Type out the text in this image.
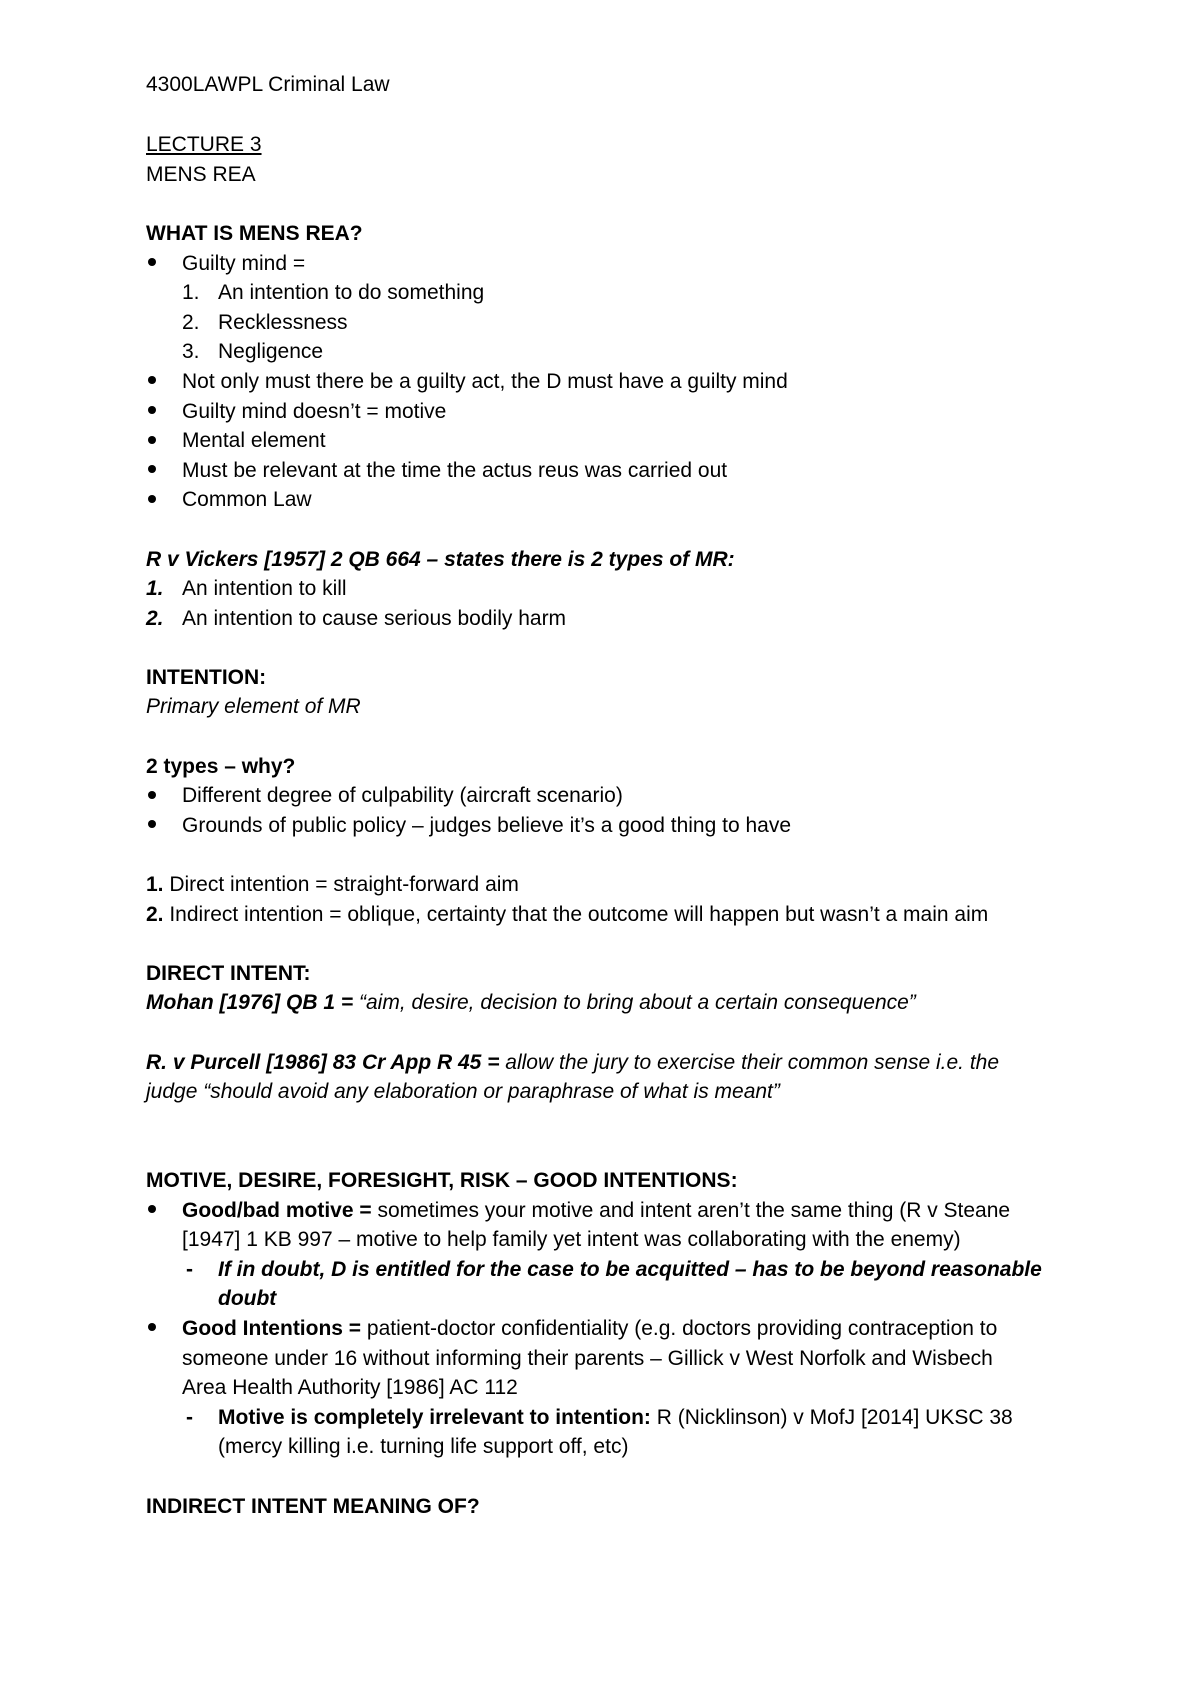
4300LAWPL Criminal Law
LECTURE 3
MENS REA
WHAT IS MENS REA?
Guilty mind =
1. An intention to do something
2. Recklessness
3. Negligence
Not only must there be a guilty act, the D must have a guilty mind
Guilty mind doesn’t = motive
Mental element
Must be relevant at the time the actus reus was carried out
Common Law
R v Vickers [1957] 2 QB 664 – states there is 2 types of MR:
1. An intention to kill
2. An intention to cause serious bodily harm
INTENTION:
Primary element of MR
2 types – why?
Different degree of culpability (aircraft scenario)
Grounds of public policy – judges believe it’s a good thing to have
1. Direct intention = straight-forward aim
2. Indirect intention = oblique, certainty that the outcome will happen but wasn’t a main aim
DIRECT INTENT:
Mohan [1976] QB 1 = “aim, desire, decision to bring about a certain consequence”
R. v Purcell [1986] 83 Cr App R 45 = allow the jury to exercise their common sense i.e. the
judge “should avoid any elaboration or paraphrase of what is meant”
MOTIVE, DESIRE, FORESIGHT, RISK – GOOD INTENTIONS:
Good/bad motive = sometimes your motive and intent aren’t the same thing (R v Steane
[1947] 1 KB 997 – motive to help family yet intent was collaborating with the enemy)
-	If in doubt, D is entitled for the case to be acquitted – has to be beyond reasonable
doubt
Good Intentions = patient-doctor confidentiality (e.g. doctors providing contraception to
someone under 16 without informing their parents – Gillick v West Norfolk and Wisbech
Area Health Authority [1986] AC 112
-	Motive is completely irrelevant to intention: R (Nicklinson) v MofJ [2014] UKSC 38
(mercy killing i.e. turning life support off, etc)
INDIRECT INTENT MEANING OF?
